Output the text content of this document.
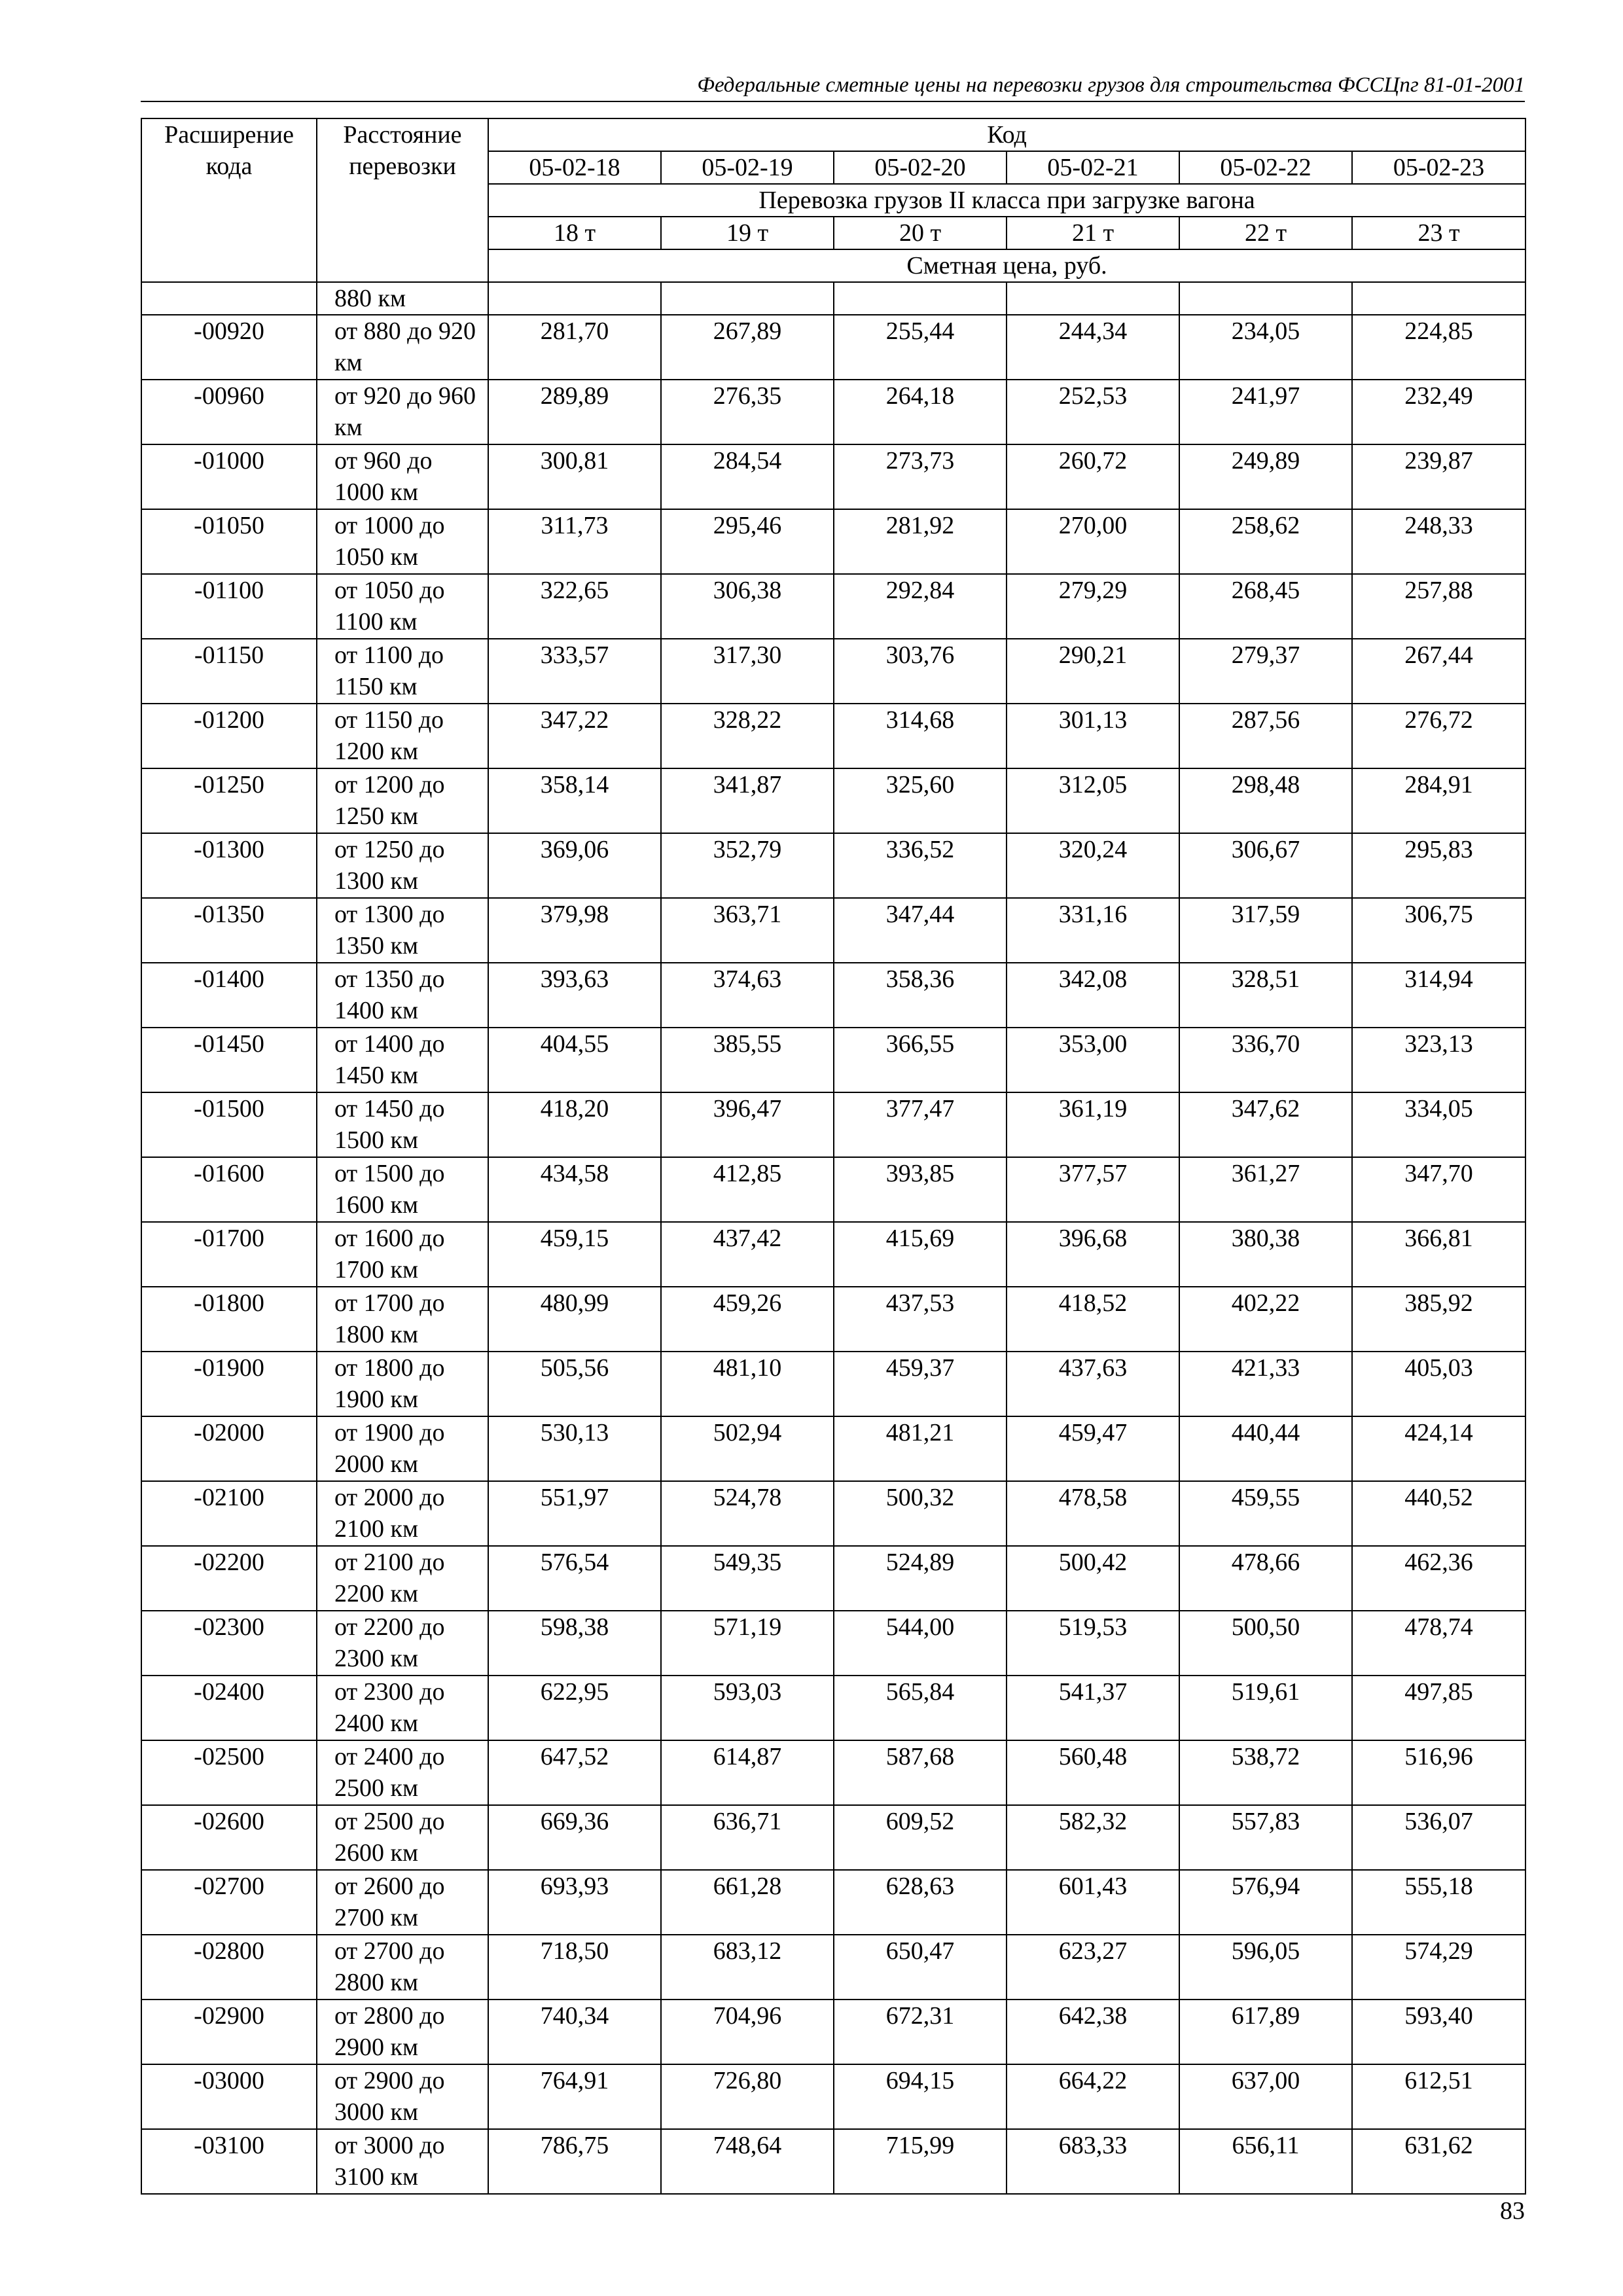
Федеральные сметные цены на перевозки грузов для строительства ФССЦпг 81-01-2001
Расширение кода	Расстояние перевозки	Код					
		05-02-18	05-02-19	05-02-20	05-02-21	05-02-22	05-02-23
		Перевозка грузов II класса при загрузке вагона					
		18 т	19 т	20 т	21 т	22 т	23 т
		Сметная цена, руб.					
	880 км						
-00920	от 880 до 920 км	281,70	267,89	255,44	244,34	234,05	224,85
-00960	от 920 до 960 км	289,89	276,35	264,18	252,53	241,97	232,49
-01000	от 960 до 1000 км	300,81	284,54	273,73	260,72	249,89	239,87
-01050	от 1000 до 1050 км	311,73	295,46	281,92	270,00	258,62	248,33
-01100	от 1050 до 1100 км	322,65	306,38	292,84	279,29	268,45	257,88
-01150	от 1100 до 1150 км	333,57	317,30	303,76	290,21	279,37	267,44
-01200	от 1150 до 1200 км	347,22	328,22	314,68	301,13	287,56	276,72
-01250	от 1200 до 1250 км	358,14	341,87	325,60	312,05	298,48	284,91
-01300	от 1250 до 1300 км	369,06	352,79	336,52	320,24	306,67	295,83
-01350	от 1300 до 1350 км	379,98	363,71	347,44	331,16	317,59	306,75
-01400	от 1350 до 1400 км	393,63	374,63	358,36	342,08	328,51	314,94
-01450	от 1400 до 1450 км	404,55	385,55	366,55	353,00	336,70	323,13
-01500	от 1450 до 1500 км	418,20	396,47	377,47	361,19	347,62	334,05
-01600	от 1500 до 1600 км	434,58	412,85	393,85	377,57	361,27	347,70
-01700	от 1600 до 1700 км	459,15	437,42	415,69	396,68	380,38	366,81
-01800	от 1700 до 1800 км	480,99	459,26	437,53	418,52	402,22	385,92
-01900	от 1800 до 1900 км	505,56	481,10	459,37	437,63	421,33	405,03
-02000	от 1900 до 2000 км	530,13	502,94	481,21	459,47	440,44	424,14
-02100	от 2000 до 2100 км	551,97	524,78	500,32	478,58	459,55	440,52
-02200	от 2100 до 2200 км	576,54	549,35	524,89	500,42	478,66	462,36
-02300	от 2200 до 2300 км	598,38	571,19	544,00	519,53	500,50	478,74
-02400	от 2300 до 2400 км	622,95	593,03	565,84	541,37	519,61	497,85
-02500	от 2400 до 2500 км	647,52	614,87	587,68	560,48	538,72	516,96
-02600	от 2500 до 2600 км	669,36	636,71	609,52	582,32	557,83	536,07
-02700	от 2600 до 2700 км	693,93	661,28	628,63	601,43	576,94	555,18
-02800	от 2700 до 2800 км	718,50	683,12	650,47	623,27	596,05	574,29
-02900	от 2800 до 2900 км	740,34	704,96	672,31	642,38	617,89	593,40
-03000	от 2900 до 3000 км	764,91	726,80	694,15	664,22	637,00	612,51
-03100	от 3000 до 3100 км	786,75	748,64	715,99	683,33	656,11	631,62
83
